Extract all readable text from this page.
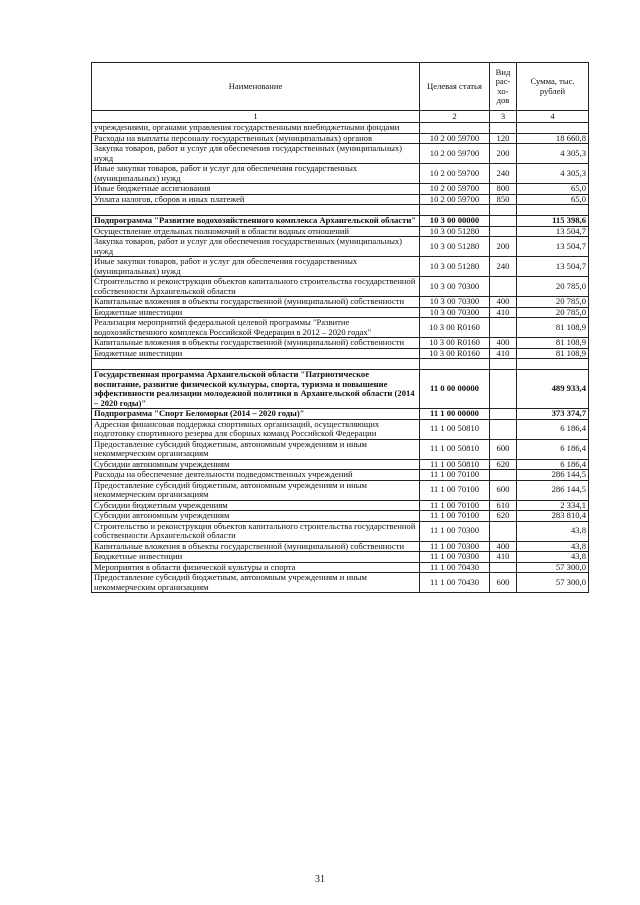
Наименование	Целевая статья	Вид рас-хо-дов	Сумма, тыс. рублей
1	2	3	4
учреждениями, органами управления государственными внебюджетными фондами			
Расходы на выплаты персоналу государственных (муниципальных) органов	10 2 00 59700	120	18 660,8
Закупка товаров, работ и услуг для обеспечения государственных (муниципальных) нужд	10 2 00 59700	200	4 305,3
Иные закупки товаров, работ и услуг для обеспечения государственных (муниципальных) нужд	10 2 00 59700	240	4 305,3
Иные бюджетные ассигнования	10 2 00 59700	800	65,0
Уплата налогов, сборов и иных платежей	10 2 00 59700	850	65,0

Подпрограмма "Развитие водохозяйственного комплекса Архангельской области"	10 3 00 00000		115 398,6
Осуществление отдельных полномочий в области водных отношений	10 3 00 51280		13 504,7
Закупка товаров, работ и услуг для обеспечения государственных (муниципальных) нужд	10 3 00 51280	200	13 504,7
Иные закупки товаров, работ и услуг для обеспечения государственных (муниципальных) нужд	10 3 00 51280	240	13 504,7
Строительство и реконструкция объектов капитального строительства государственной собственности Архангельской области	10 3 00 70300		20 785,0
Капитальные вложения в объекты государственной (муниципальной) собственности	10 3 00 70300	400	20 785,0
Бюджетные инвестиции	10 3 00 70300	410	20 785,0
Реализация мероприятий федеральной целевой программы "Развитие водохозяйственного комплекса Российской Федерации в 2012 – 2020 годах"	10 3 00 R0160		81 108,9
Капитальные вложения в объекты государственной (муниципальной) собственности	10 3 00 R0160	400	81 108,9
Бюджетные инвестиции	10 3 00 R0160	410	81 108,9

Государственная программа Архангельской области "Патриотическое воспитание, развитие физической культуры, спорта, туризма и повышение эффективности реализации молодежной политики в Архангельской области (2014 – 2020 годы)"	11 0 00 00000		489 933,4
Подпрограмма "Спорт Беломорья (2014 – 2020 годы)"	11 1 00 00000		373 374,7
Адресная финансовая поддержка спортивных организаций, осуществляющих подготовку спортивного резерва для сборных команд Российской Федерации	11 1 00 50810		6 186,4
Предоставление субсидий бюджетным, автономным учреждениям и иным некоммерческим организациям	11 1 00 50810	600	6 186,4
Субсидии автономным учреждениям	11 1 00 50810	620	6 186,4
Расходы на обеспечение деятельности подведомственных учреждений	11 1 00 70100		286 144,5
Предоставление субсидий бюджетным, автономным учреждениям и иным некоммерческим организациям	11 1 00 70100	600	286 144,5
Субсидии бюджетным учреждениям	11 1 00 70100	610	2 334,1
Субсидии автономным учреждениям	11 1 00 70100	620	283 810,4
Строительство и реконструкция объектов капитального строительства государственной собственности Архангельской области	11 1 00 70300		43,8
Капитальные вложения в объекты государственной (муниципальной) собственности	11 1 00 70300	400	43,8
Бюджетные инвестиции	11 1 00 70300	410	43,8
Мероприятия в области физической культуры и спорта	11 1 00 70430		57 300,0
Предоставление субсидий бюджетным, автономным учреждениям и иным некоммерческим организациям	11 1 00 70430	600	57 300,0
31
